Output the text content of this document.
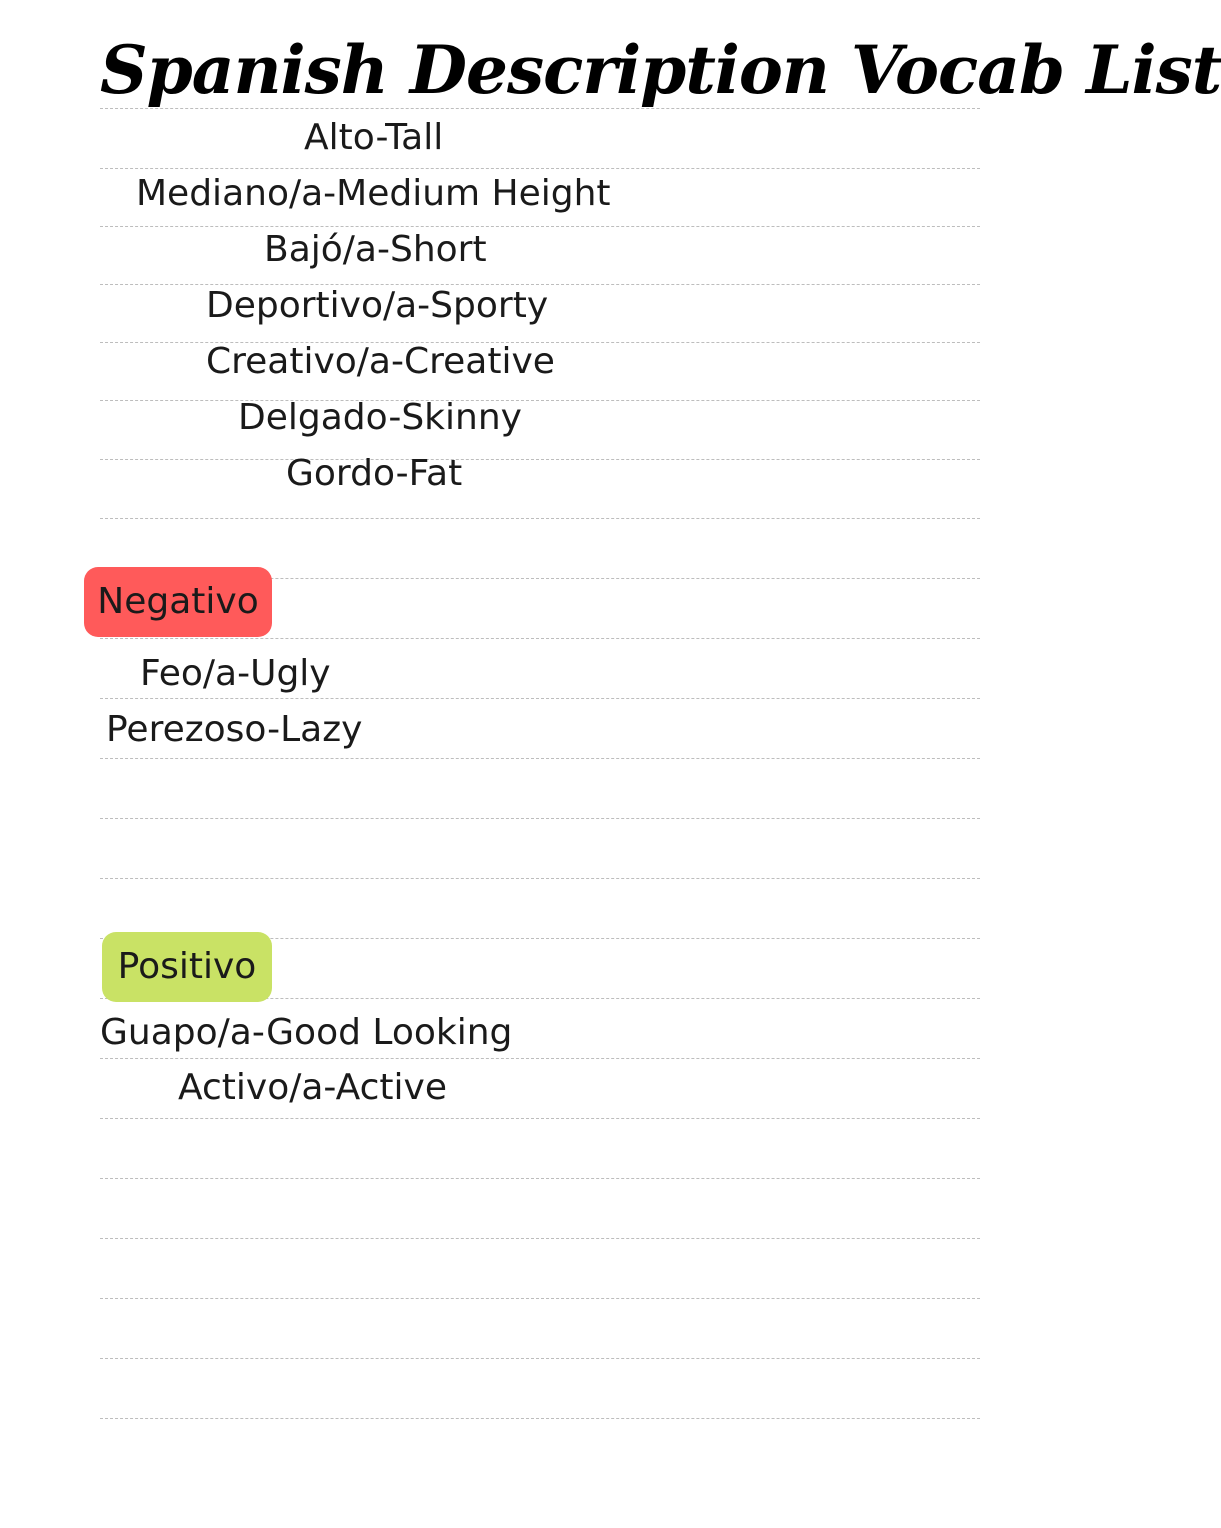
Spanish Description Vocab List
Alto-Tall
Mediano/a-Medium Height
Bajó/a-Short
Deportivo/a-Sporty
Creativo/a-Creative
Delgado-Skinny
Gordo-Fat
Negativo
Feo/a-Ugly
Perezoso-Lazy
Positivo
Guapo/a-Good Looking
Activo/a-Active
